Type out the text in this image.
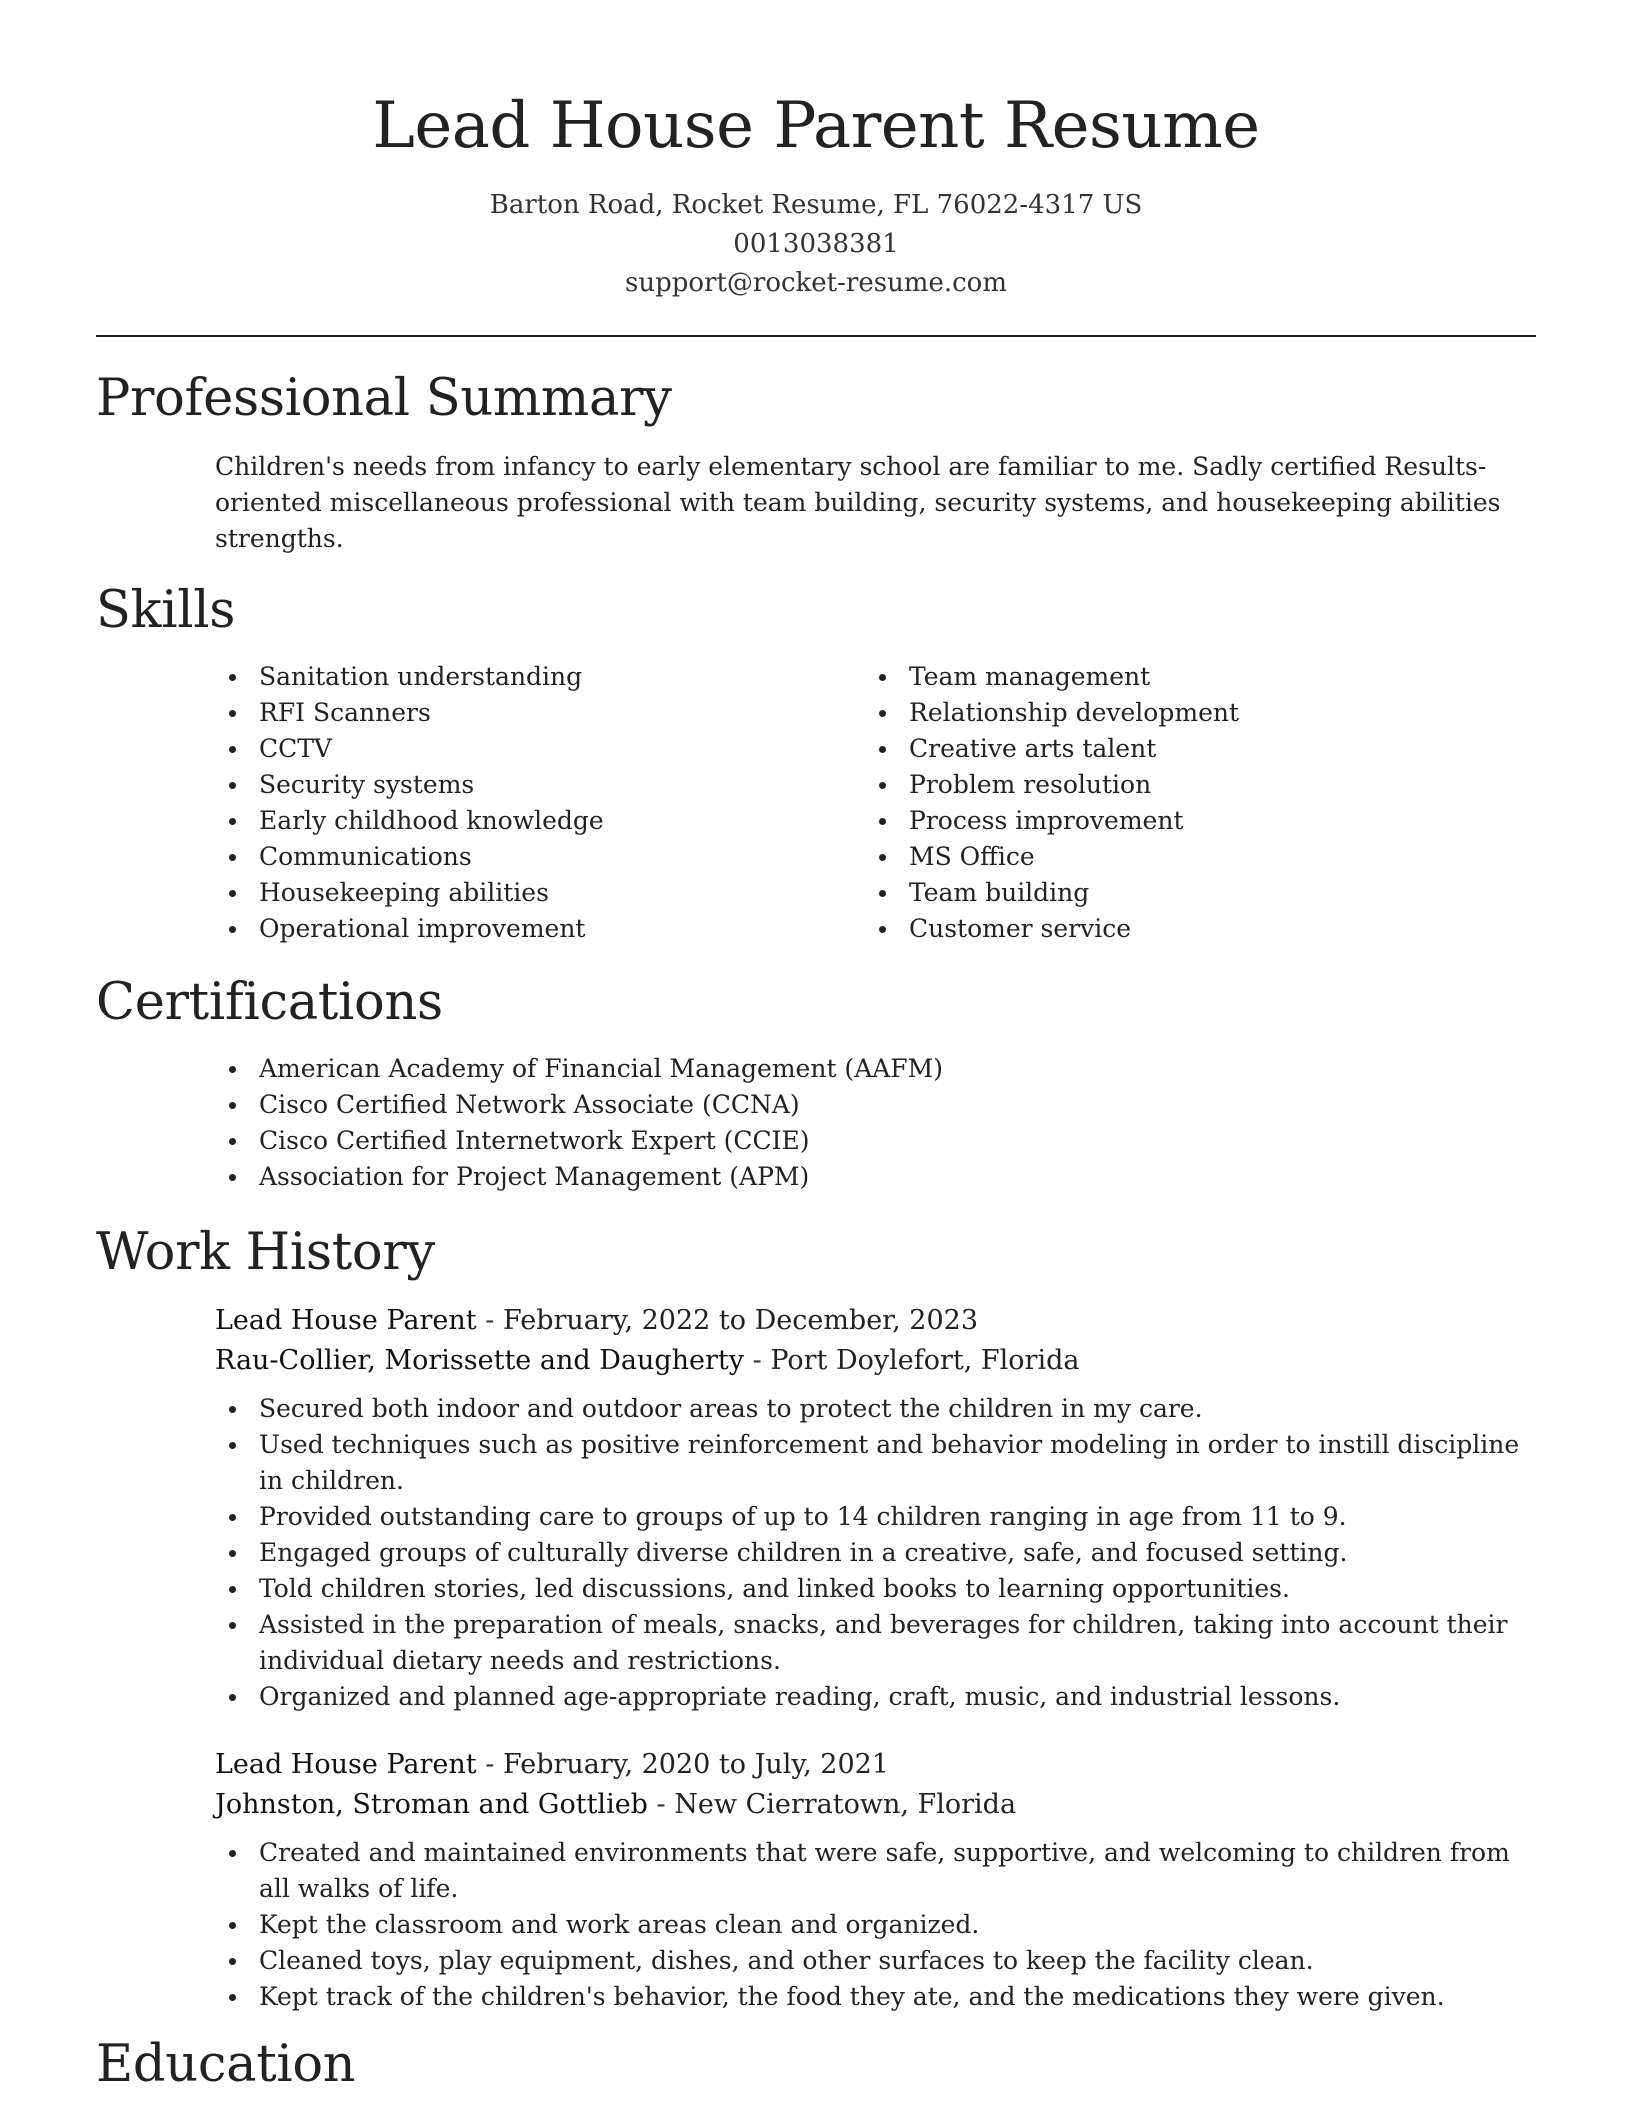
Lead House Parent Resume
Barton Road, Rocket Resume, FL 76022-4317 US
0013038381
support@rocket-resume.com
Professional Summary

Children's needs from infancy to early elementary school are familiar to me. Sadly certified Results-oriented miscellaneous professional with team building, security systems, and housekeeping abilities strengths.

Skills
Sanitation understanding
RFI Scanners
CCTV
Security systems
Early childhood knowledge
Communications
Housekeeping abilities
Operational improvement
Team management
Relationship development
Creative arts talent
Problem resolution
Process improvement
MS Office
Team building
Customer service
Certifications
American Academy of Financial Management (AAFM)
Cisco Certified Network Associate (CCNA)
Cisco Certified Internetwork Expert (CCIE)
Association for Project Management (APM)
Work History
Lead House Parent - February, 2022 to December, 2023
Rau-Collier, Morissette and Daugherty - Port Doylefort, Florida
Secured both indoor and outdoor areas to protect the children in my care.
Used techniques such as positive reinforcement and behavior modeling in order to instill discipline in children.
Provided outstanding care to groups of up to 14 children ranging in age from 11 to 9.
Engaged groups of culturally diverse children in a creative, safe, and focused setting.
Told children stories, led discussions, and linked books to learning opportunities.
Assisted in the preparation of meals, snacks, and beverages for children, taking into account their individual dietary needs and restrictions.
Organized and planned age-appropriate reading, craft, music, and industrial lessons.
Lead House Parent - February, 2020 to July, 2021
Johnston, Stroman and Gottlieb - New Cierratown, Florida
Created and maintained environments that were safe, supportive, and welcoming to children from all walks of life.
Kept the classroom and work areas clean and organized.
Cleaned toys, play equipment, dishes, and other surfaces to keep the facility clean.
Kept track of the children's behavior, the food they ate, and the medications they were given.
Education
